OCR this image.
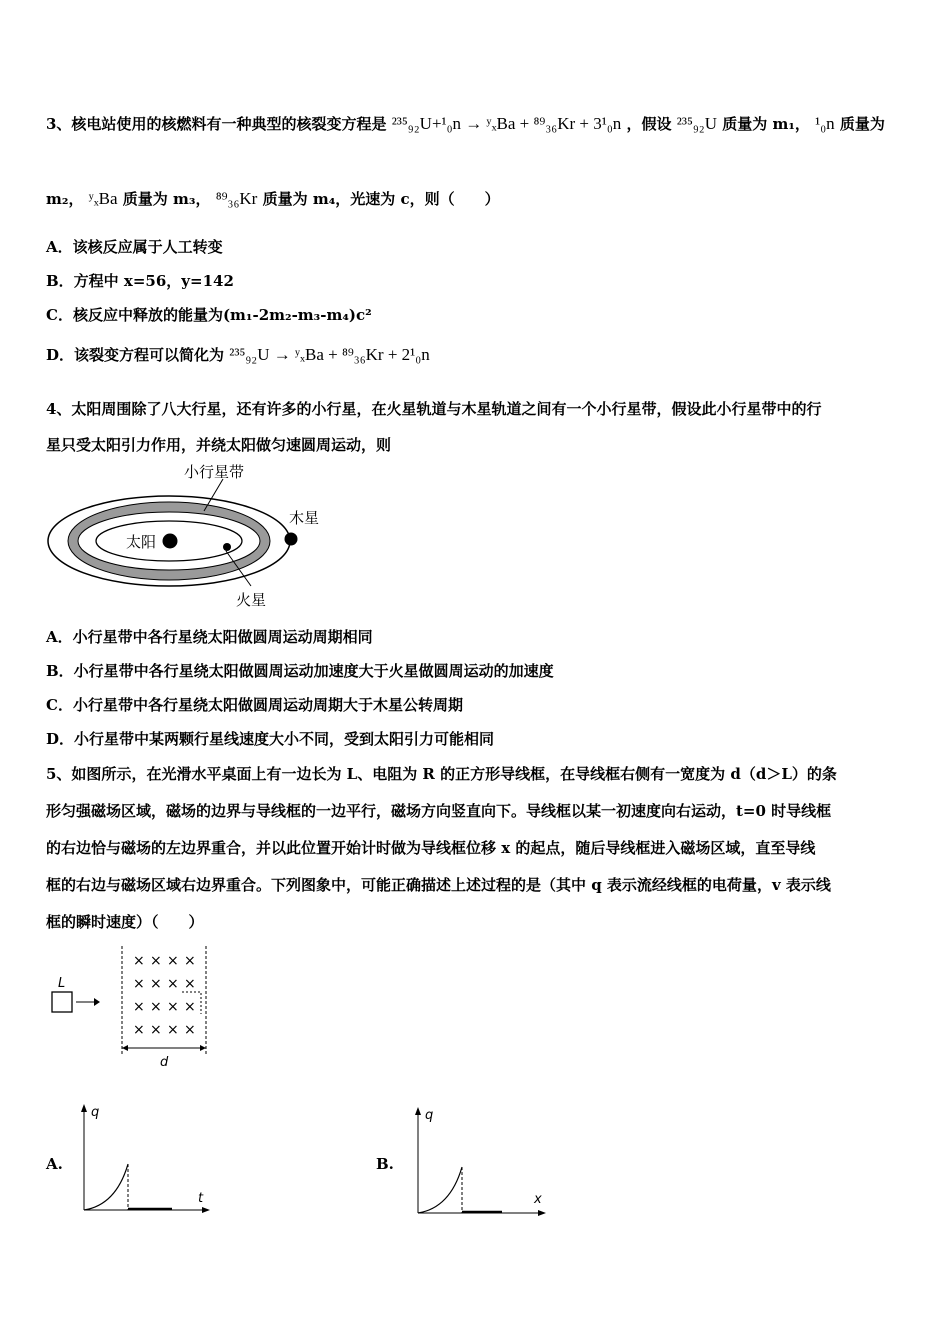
3、核电站使用的核燃料有一种典型的核裂变方程是 ²³⁵₉₂U+¹₀n → ʸₓBa + ⁸⁹₃₆Kr + 3¹₀n ，假设 ²³⁵₉₂U 质量为 m₁， ¹₀n 质量为
m₂， ʸₓBa 质量为 m₃， ⁸⁹₃₆Kr 质量为 m₄，光速为 c，则（　　）
A．该核反应属于人工转变
B．方程中 x=56，y=142
C．核反应中释放的能量为(m₁-2m₂-m₃-m₄)c²
D．该裂变方程可以简化为 ²³⁵₉₂U → ʸₓBa + ⁸⁹₃₆Kr + 2¹₀n
4、太阳周围除了八大行星，还有许多的小行星，在火星轨道与木星轨道之间有一个小行星带，假设此小行星带中的行
星只受太阳引力作用，并绕太阳做匀速圆周运动，则
小行星带
木星
太阳
火星
A．小行星带中各行星绕太阳做圆周运动周期相同
B．小行星带中各行星绕太阳做圆周运动加速度大于火星做圆周运动的加速度
C．小行星带中各行星绕太阳做圆周运动周期大于木星公转周期
D．小行星带中某两颗行星线速度大小不同，受到太阳引力可能相同
5、如图所示，在光滑水平桌面上有一边长为 L、电阻为 R 的正方形导线框，在导线框右侧有一宽度为 d（d＞L）的条
形匀强磁场区域，磁场的边界与导线框的一边平行，磁场方向竖直向下。导线框以某一初速度向右运动，t=0 时导线框
的右边恰与磁场的左边界重合，并以此位置开始计时做为导线框位移 x 的起点，随后导线框进入磁场区域，直至导线
框的右边与磁场区域右边界重合。下列图象中，可能正确描述上述过程的是（其中 q 表示流经线框的电荷量，v 表示线
框的瞬时速度）（　　）
L
× × × ×
× × × ×
× × × ×
× × × ×
d
A.
q
t
B.
q
x
